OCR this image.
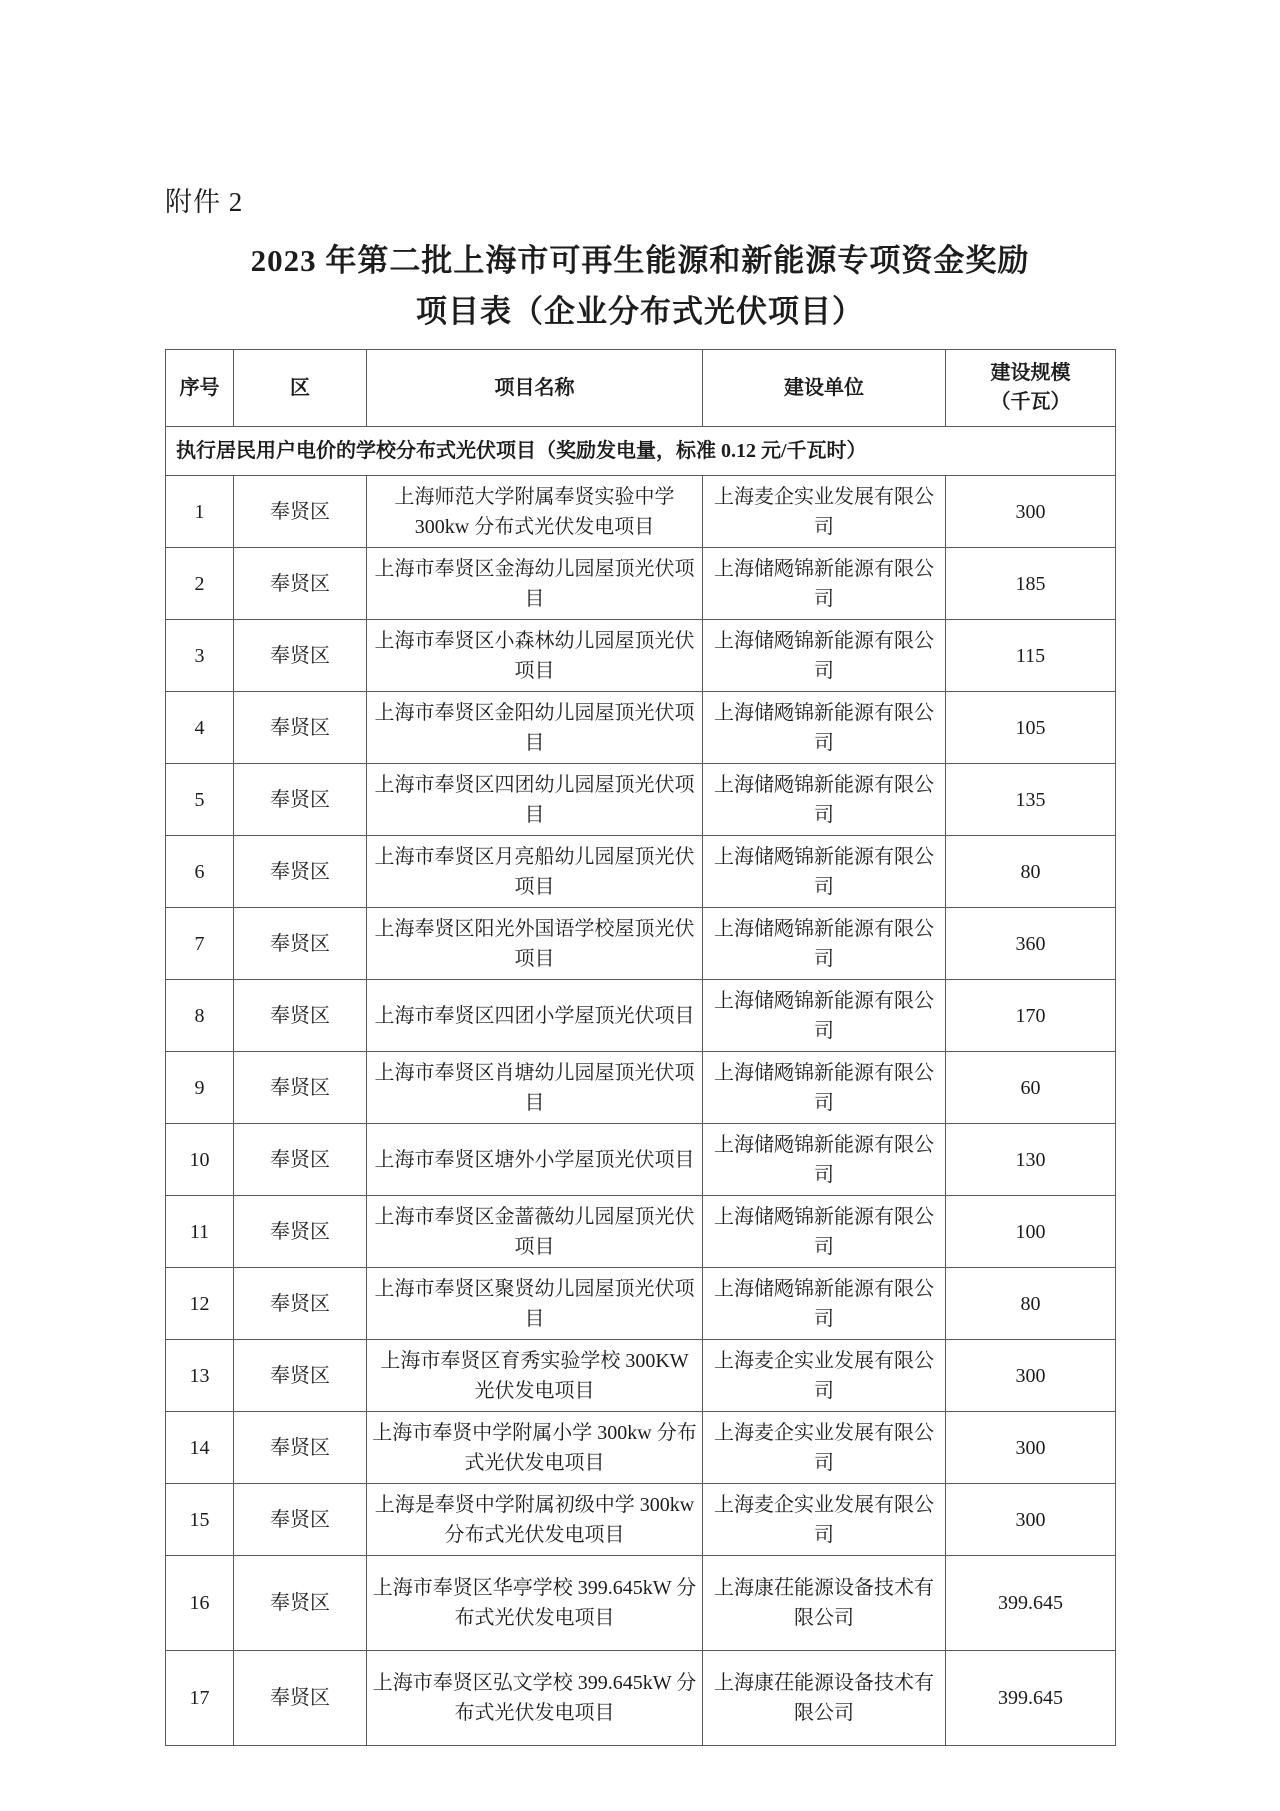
附件 2
2023 年第二批上海市可再生能源和新能源专项资金奖励
项目表（企业分布式光伏项目）
序号	区	项目名称	建设单位	建设规模
（千瓦）

执行居民用户电价的学校分布式光伏项目（奖励发电量，标准 0.12 元/千瓦时）				
1	奉贤区	上海师范大学附属奉贤实验中学 300kw 分布式光伏发电项目	上海麦企实业发展有限公司	300
2	奉贤区	上海市奉贤区金海幼儿园屋顶光伏项目	上海储飏锦新能源有限公司	185
3	奉贤区	上海市奉贤区小森林幼儿园屋顶光伏项目	上海储飏锦新能源有限公司	115
4	奉贤区	上海市奉贤区金阳幼儿园屋顶光伏项目	上海储飏锦新能源有限公司	105
5	奉贤区	上海市奉贤区四团幼儿园屋顶光伏项目	上海储飏锦新能源有限公司	135
6	奉贤区	上海市奉贤区月亮船幼儿园屋顶光伏项目	上海储飏锦新能源有限公司	80
7	奉贤区	上海奉贤区阳光外国语学校屋顶光伏项目	上海储飏锦新能源有限公司	360
8	奉贤区	上海市奉贤区四团小学屋顶光伏项目	上海储飏锦新能源有限公司	170
9	奉贤区	上海市奉贤区肖塘幼儿园屋顶光伏项目	上海储飏锦新能源有限公司	60
10	奉贤区	上海市奉贤区塘外小学屋顶光伏项目	上海储飏锦新能源有限公司	130
11	奉贤区	上海市奉贤区金蔷薇幼儿园屋顶光伏项目	上海储飏锦新能源有限公司	100
12	奉贤区	上海市奉贤区聚贤幼儿园屋顶光伏项目	上海储飏锦新能源有限公司	80
13	奉贤区	上海市奉贤区育秀实验学校 300KW 光伏发电项目	上海麦企实业发展有限公司	300
14	奉贤区	上海市奉贤中学附属小学 300kw 分布式光伏发电项目	上海麦企实业发展有限公司	300
15	奉贤区	上海是奉贤中学附属初级中学 300kw 分布式光伏发电项目	上海麦企实业发展有限公司	300
16	奉贤区	上海市奉贤区华亭学校 399.645kW 分布式光伏发电项目	上海康茌能源设备技术有限公司	399.645
17	奉贤区	上海市奉贤区弘文学校 399.645kW 分布式光伏发电项目	上海康茌能源设备技术有限公司	399.645
